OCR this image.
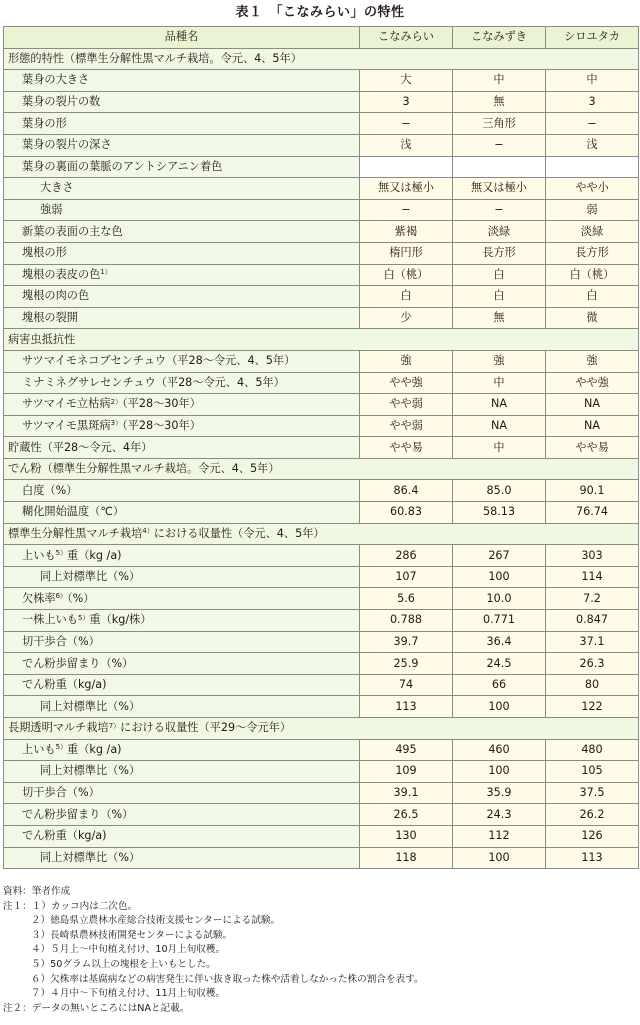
表１　「こなみらい」の特性
品種名	こなみらい	こなみずき	シロユタカ
形態的特性（標準生分解性黒マルチ栽培。令元、4、5年）			
葉身の大きさ	大	中	中
葉身の裂片の数	3	無	3
葉身の形	−	三角形	−
葉身の裂片の深さ	浅	−	浅
葉身の裏面の葉脈のアントシアニン着色			
大きさ	無又は極小	無又は極小	やや小
強弱	−	−	弱
新葉の表面の主な色	紫褐	淡緑	淡緑
塊根の形	楕円形	長方形	長方形
塊根の表皮の色$^{1)}$	白（桃）	白	白（桃）
塊根の肉の色	白	白	白
塊根の裂開	少	無	微
病害虫抵抗性			
サツマイモネコブセンチュウ（平28〜令元、4、5年）	強	強	強
ミナミネグサレセンチュウ（平28〜令元、4、5年）	やや強	中	やや強
サツマイモ立枯病$^{2)}$（平28〜30年）	やや弱	NA	NA
サツマイモ黒斑病$^{3)}$（平28〜30年）	やや弱	NA	NA
貯蔵性（平28〜令元、4年）	やや易	中	やや易
でん粉（標準生分解性黒マルチ栽培。令元、4、5年）			
白度（%）	86.4	85.0	90.1
糊化開始温度（℃）	60.83	58.13	76.74
標準生分解性黒マルチ栽培$^{4)}$における収量性（令元、4、5年）			
上いも$^{5)}$重（kg /a)	286	267	303
同上対標準比（%）	107	100	114
欠株率$^{6)}$（%）	5.6	10.0	7.2
一株上いも$^{5)}$重（kg/株）	0.788	0.771	0.847
切干歩合（%）	39.7	36.4	37.1
でん粉歩留まり（%）	25.9	24.5	26.3
でん粉重（kg/a)	74	66	80
同上対標準比（%）	113	100	122
長期透明マルチ栽培$^{7)}$における収量性（平29〜令元年）			
上いも$^{5)}$重（kg /a)	495	460	480
同上対標準比（%）	109	100	105
切干歩合（%）	39.1	35.9	37.5
でん粉歩留まり（%）	26.5	24.3	26.2
でん粉重（kg/a)	130	112	126
同上対標準比（%）	118	100	113
資料：筆者作成
注１：１）カッコ内は二次色。
２）徳島県立農林水産総合技術支援センターによる試験。
３）長崎県農林技術開発センターによる試験。
４）５月上〜中旬植え付け、10月上旬収穫。
５）50グラム以上の塊根を上いもとした。
６）欠株率は基腐病などの病害発生に伴い抜き取った株や活着しなかった株の割合を表す。
７）４月中〜下旬植え付け、11月上旬収穫。
注２：データの無いところにはNAと記載。
